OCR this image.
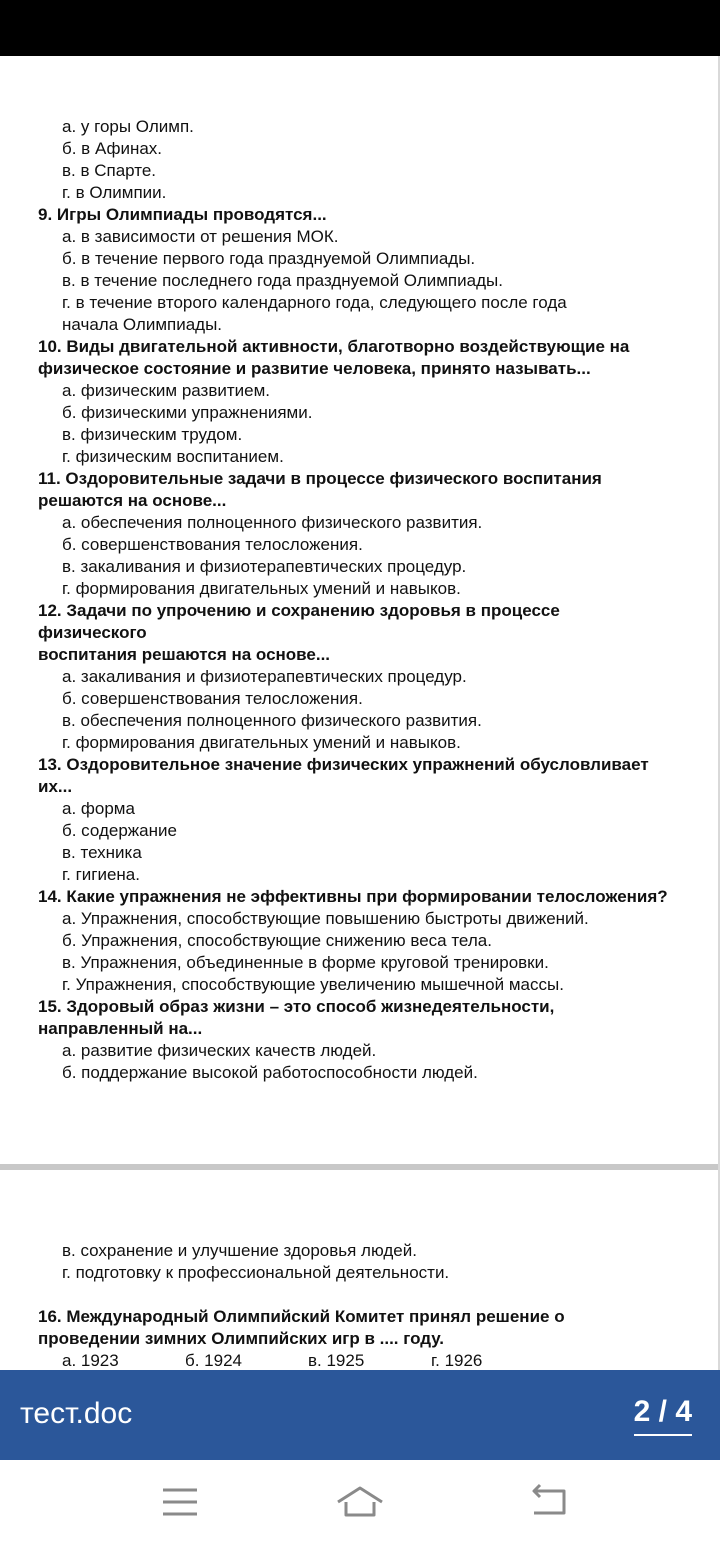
а. у горы Олимп.

б. в Афинах.

в. в Спарте.

г. в Олимпии.

9. Игры Олимпиады проводятся...

а. в зависимости от решения МОК.

б. в течение первого года празднуемой Олимпиады.

в. в течение последнего года празднуемой Олимпиады.

г. в течение второго календарного года, следующего после года

начала Олимпиады.

10. Виды двигательной активности, благотворно воздействующие на

физическое состояние и развитие человека, принято называть...

а. физическим развитием.

б. физическими упражнениями.

в. физическим трудом.

г. физическим воспитанием.

11. Оздоровительные задачи в процессе физического воспитания

решаются на основе...

а. обеспечения полноценного физического развития.

б. совершенствования телосложения.

в. закаливания и физиотерапевтических процедур.

г. формирования двигательных умений и навыков.

12. Задачи по упрочению и сохранению здоровья в процессе

физического

воспитания решаются на основе...

а. закаливания и физиотерапевтических процедур.

б. совершенствования телосложения.

в. обеспечения полноценного физического развития.

г. формирования двигательных умений и навыков.

13. Оздоровительное значение физических упражнений обусловливает

их...

а. форма

б. содержание

в. техника

г. гигиена.

14. Какие упражнения не эффективны при формировании телосложения?

а. Упражнения, способствующие повышению быстроты движений.

б. Упражнения, способствующие снижению веса тела.

в. Упражнения, объединенные в форме круговой тренировки.

г. Упражнения, способствующие увеличению мышечной массы.

15. Здоровый образ жизни – это способ жизнедеятельности,

направленный на...

а. развитие физических качеств людей.

б. поддержание высокой работоспособности людей.

в. сохранение и улучшение здоровья людей.

г. подготовку к профессиональной деятельности.

16. Международный Олимпийский Комитет принял решение о

проведении зимних Олимпийских игр в .... году.

а. 1923	б. 1924	в. 1925	г. 1926
тест.doc	2 / 4
